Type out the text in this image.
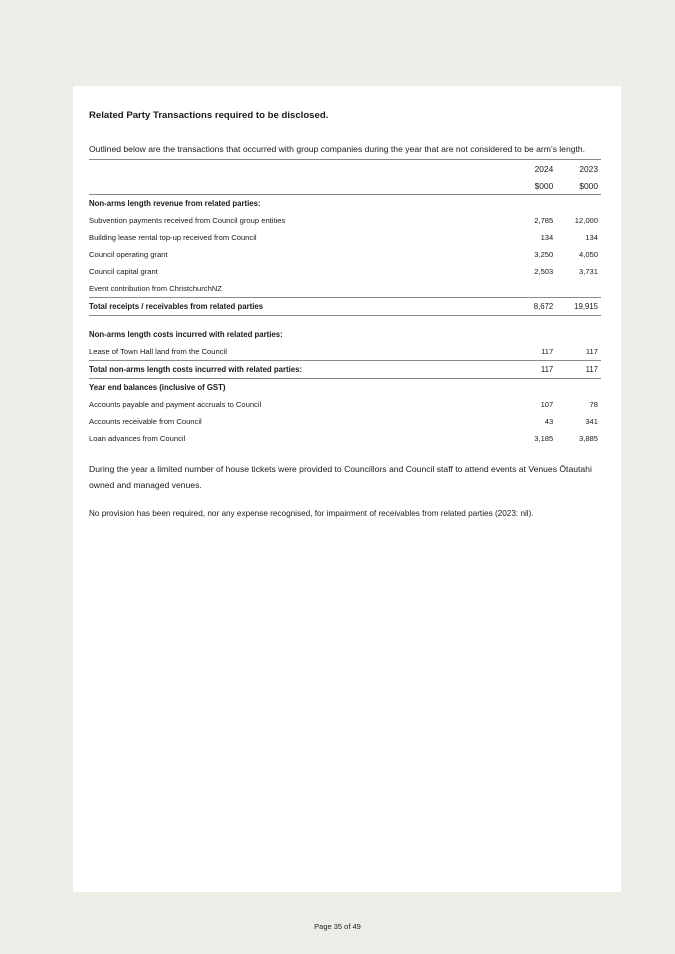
Related Party Transactions required to be disclosed.

Outlined below are the transactions that occurred with group companies during the year that are not considered to be arm's length.

	2024	2023
	$000	$000
Non-arms length revenue from related parties:		
Subvention payments received from Council group entities	2,785	12,000
Building lease rental top-up received from Council	134	134
Council operating grant	3,250	4,050
Council capital grant	2,503	3,731
Event contribution from ChristchurchNZ		
Total receipts / receivables from related parties	8,672	19,915

Non-arms length costs incurred with related parties:		
Lease of Town Hall land from the Council	117	117
Total non-arms length costs incurred with related parties:	117	117
Year end balances (inclusive of GST)		
Accounts payable and payment accruals to Council	107	78
Accounts receivable from Council	43	341
Loan advances from Council	3,185	3,885

During the year a limited number of house tickets were provided to Councillors and Council staff to attend events at Venues Ōtautahi owned and managed venues.

No provision has been required, nor any expense recognised, for impairment of receivables from related parties (2023: nil).

Page 35 of 49
